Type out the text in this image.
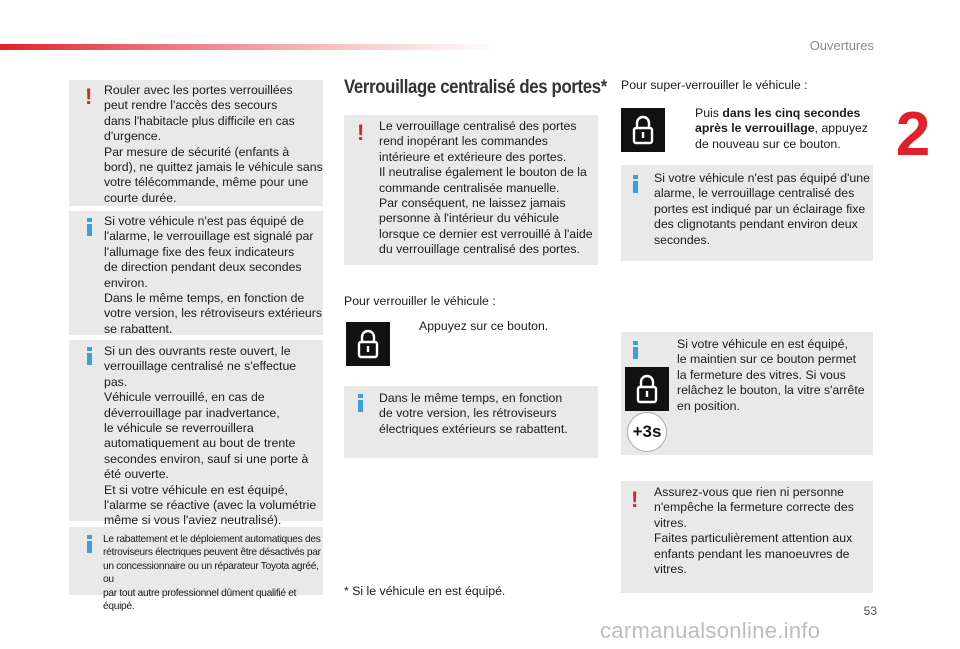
Ouvertures
2
! Rouler avec les portes verrouillées
peut rendre l'accès des secours
dans l'habitacle plus difficile en cas
d'urgence.
Par mesure de sécurité (enfants à
bord), ne quittez jamais le véhicule sans
votre télécommande, même pour une
courte durée.
Si votre véhicule n'est pas équipé de
l'alarme, le verrouillage est signalé par
l'allumage fixe des feux indicateurs
de direction pendant deux secondes
environ.
Dans le même temps, en fonction de
votre version, les rétroviseurs extérieurs
se rabattent.
Si un des ouvrants reste ouvert, le
verrouillage centralisé ne s'effectue
pas.
Véhicule verrouillé, en cas de
déverrouillage par inadvertance,
le véhicule se reverrouillera
automatiquement au bout de trente
secondes environ, sauf si une porte à
été ouverte.
Et si votre véhicule en est équipé,
l'alarme se réactive (avec la volumétrie
même si vous l'aviez neutralisé).
Le rabattement et le déploiement automatiques des
rétroviseurs électriques peuvent être désactivés par
un concessionnaire ou un réparateur Toyota agréé, ou
par tout autre professionnel dûment qualifié et équipé.
Verrouillage centralisé des portes*
! Le verrouillage centralisé des portes
rend inopérant les commandes
intérieure et extérieure des portes.
Il neutralise également le bouton de la
commande centralisée manuelle.
Par conséquent, ne laissez jamais
personne à l'intérieur du véhicule
lorsque ce dernier est verrouillé à l'aide
du verrouillage centralisé des portes.
Pour verrouiller le véhicule :
Appuyez sur ce bouton.
Dans le même temps, en fonction
de votre version, les rétroviseurs
électriques extérieurs se rabattent.
* Si le véhicule en est équipé.
Pour super-verrouiller le véhicule :
Puis dans les cinq secondes
après le verrouillage, appuyez
de nouveau sur ce bouton.
Si votre véhicule n'est pas équipé d'une
alarme, le verrouillage centralisé des
portes est indiqué par un éclairage fixe
des clignotants pendant environ deux
secondes.
+3s
Si votre véhicule en est équipé,
le maintien sur ce bouton permet
la fermeture des vitres. Si vous
relâchez le bouton, la vitre s'arrête
en position.
! Assurez-vous que rien ni personne
n'empêche la fermeture correcte des
vitres.
Faites particulièrement attention aux
enfants pendant les manoeuvres de
vitres.
53
carmanualsonline.info
